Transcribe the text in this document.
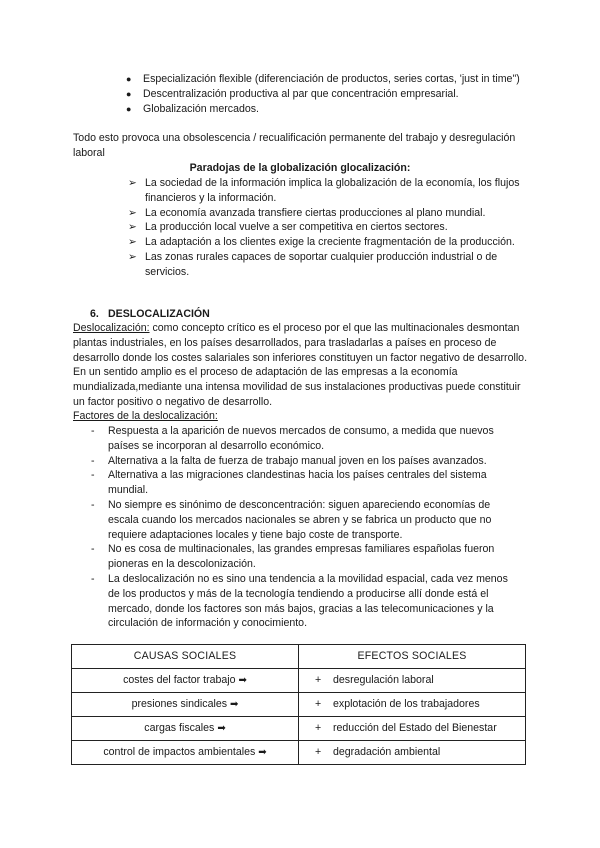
● Especialización flexible (diferenciación de productos, series cortas, 'just in time")
● Descentralización productiva al par que concentración empresarial.
● Globalización mercados.
Todo esto provoca una obsolescencia / recualificación permanente del trabajo y desregulación laboral
Paradojas de la globalización glocalización:
➢ La sociedad de la información implica la globalización de la economía, los flujos financieros y la información.
➢ La economía avanzada transfiere ciertas producciones al plano mundial.
➢ La producción local vuelve a ser competitiva en ciertos sectores.
➢ La adaptación a los clientes exige la creciente fragmentación de la producción.
➢ Las zonas rurales capaces de soportar cualquier producción industrial o de servicios.
6. DESLOCALIZACIÓN
Deslocalización: como concepto crítico es el proceso por el que las multinacionales desmontan plantas industriales, en los países desarrollados, para trasladarlas a países en proceso de desarrollo donde los costes salariales son inferiores constituyen un factor negativo de desarrollo. En un sentido amplio es el proceso de adaptación de las empresas a la economía mundializada,mediante una intensa movilidad de sus instalaciones productivas puede constituir un factor positivo o negativo de desarrollo.
Factores de la deslocalización:
- Respuesta a la aparición de nuevos mercados de consumo, a medida que nuevos países se incorporan al desarrollo económico.
- Alternativa a la falta de fuerza de trabajo manual joven en los países avanzados.
- Alternativa a las migraciones clandestinas hacia los países centrales del sistema mundial.
- No siempre es sinónimo de desconcentración: siguen apareciendo economías de escala cuando los mercados nacionales se abren y se fabrica un producto que no requiere adaptaciones locales y tiene bajo coste de transporte.
- No es cosa de multinacionales, las grandes empresas familiares españolas fueron pioneras en la descolonización.
- La deslocalización no es sino una tendencia a la movilidad espacial, cada vez menos de los productos y más de la tecnología tendiendo a producirse allí donde está el mercado, donde los factores son más bajos, gracias a las telecomunicaciones y la circulación de información y conocimiento.
CAUSAS SOCIALES	EFECTOS SOCIALES
costes del factor trabajo ➡	+ desregulación laboral
presiones sindicales ➡	+ explotación de los trabajadores
cargas fiscales ➡	+ reducción del Estado del Bienestar
control de impactos ambientales ➡	+ degradación ambiental
